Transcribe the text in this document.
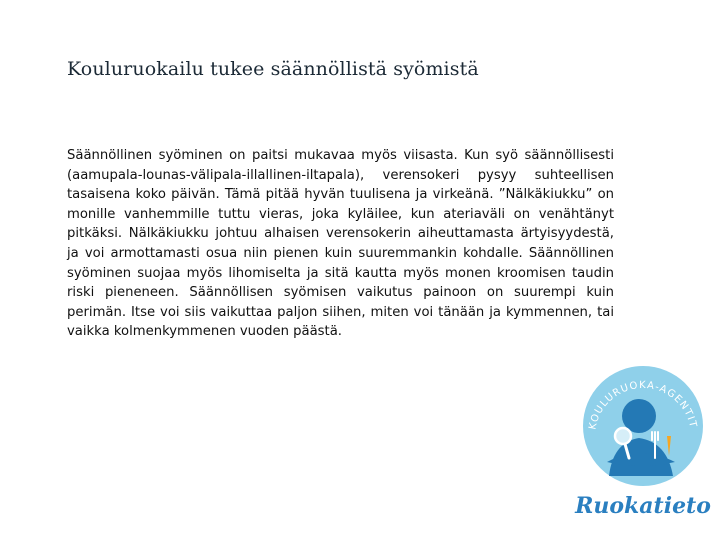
Kouluruokailu tukee säännöllistä syömistä

Säännöllinen syöminen on paitsi mukavaa myös viisasta. Kun syö säännöllisesti (aamupala-lounas-välipala-illallinen-iltapala), verensokeri pysyy suhteellisen tasaisena koko päivän. Tämä pitää hyvän tuulisena ja virkeänä. ”Nälkäkiukku” on monille vanhemmille tuttu vieras, joka kyläilee, kun ateriaväli on venähtänyt pitkäksi. Nälkäkiukku johtuu alhaisen verensokerin aiheuttamasta ärtyisyydestä, ja voi armottamasti osua niin pienen kuin suuremmankin kohdalle. Säännöllinen syöminen suojaa myös lihomiselta ja sitä kautta myös monen kroomisen taudin riski pieneneen. Säännöllisen syömisen vaikutus painoon on suurempi kuin perimän. Itse voi siis vaikuttaa paljon siihen, miten voi tänään ja kymmennen, tai vaikka kolmenkymmenen vuoden päästä.

KOULURUOKA-AGENTIT
Ruokatieto
